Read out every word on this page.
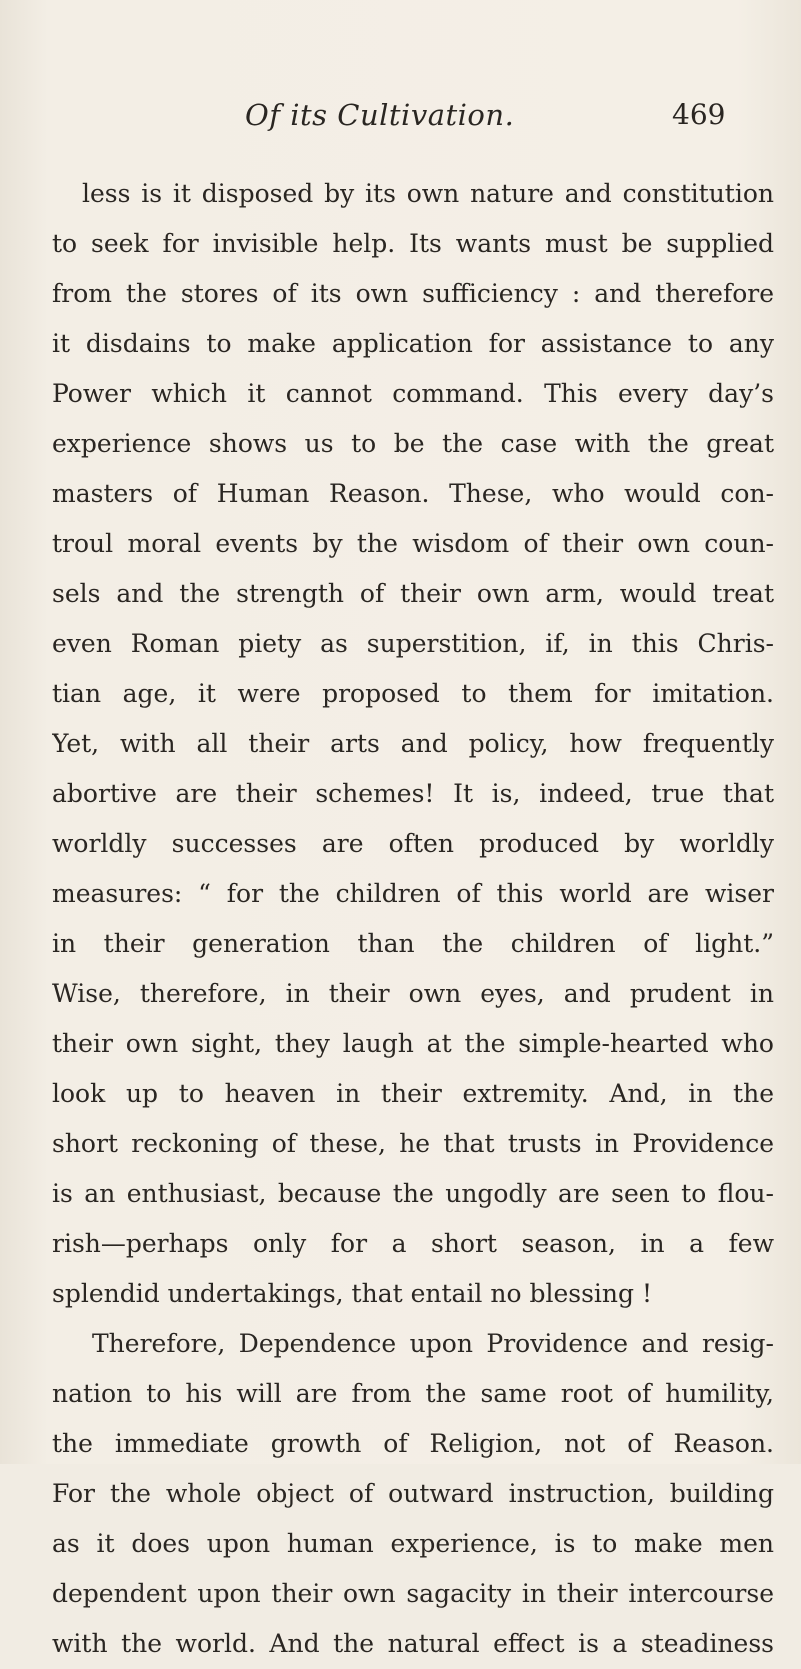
Of its Cultivation.	469
less is it disposed by its own nature and constitution
to seek for invisible help. Its wants must be supplied
from the stores of its own sufficiency : and therefore
it disdains to make application for assistance to any
Power which it cannot command. This every day’s
experience shows us to be the case with the great
masters of Human Reason. These, who would con-
troul moral events by the wisdom of their own coun-
sels and the strength of their own arm, would treat
even Roman piety as superstition, if, in this Chris-
tian age, it were proposed to them for imitation.
Yet, with all their arts and policy, how frequently
abortive are their schemes! It is, indeed, true that
worldly successes are often produced by worldly
measures: “ for the children of this world are wiser
in their generation than the children of light.”
Wise, therefore, in their own eyes, and prudent in
their own sight, they laugh at the simple-hearted who
look up to heaven in their extremity. And, in the
short reckoning of these, he that trusts in Providence
is an enthusiast, because the ungodly are seen to flou-
rish—perhaps only for a short season, in a few
splendid undertakings, that entail no blessing !
Therefore, Dependence upon Providence and resig-
nation to his will are from the same root of humility,
the immediate growth of Religion, not of Reason.
For the whole object of outward instruction, building
as it does upon human experience, is to make men
dependent upon their own sagacity in their intercourse
with the world. And the natural effect is a steadiness
